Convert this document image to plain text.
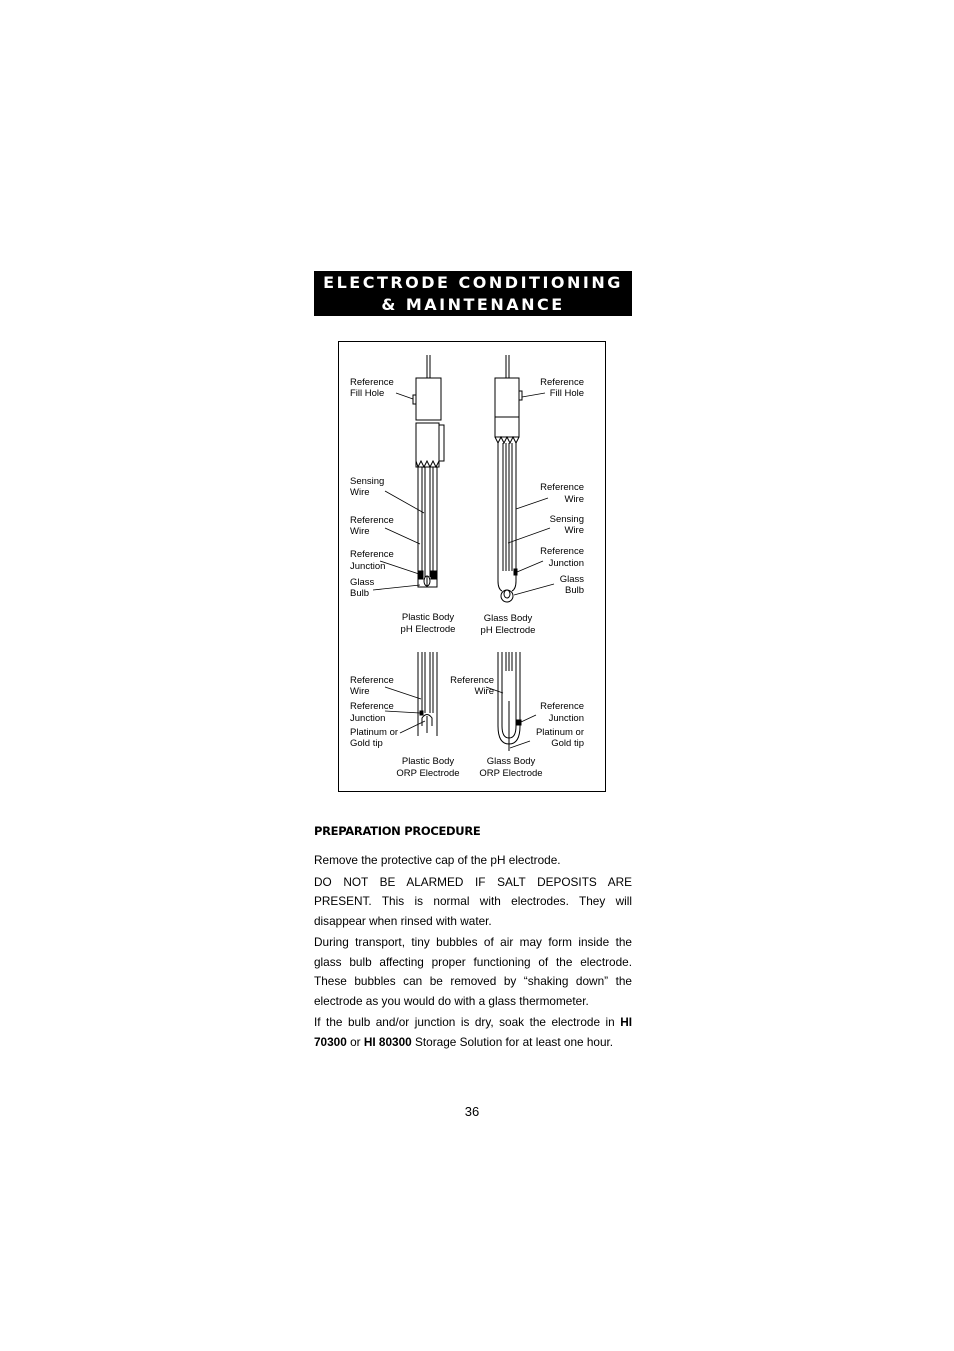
ELECTRODE CONDITIONING
& MAINTENANCE
Reference
Fill Hole
Sensing
Wire
Reference
Wire
Reference
Junction
Glass
Bulb
Plastic Body
pH Electrode
Reference
Fill Hole
Reference
Wire
Sensing
Wire
Reference
Junction
Glass
Bulb
Glass Body
pH Electrode
Reference
Wire
Reference
Junction
Platinum or
Gold tip
Plastic Body
ORP Electrode
Reference
Wire
Reference
Junction
Platinum or
Gold tip
Glass Body
ORP Electrode
PREPARATION PROCEDURE

Remove the protective cap of the pH electrode.

DO NOT BE ALARMED IF SALT DEPOSITS ARE PRESENT. This is normal with electrodes. They will disappear when rinsed with water.

During transport, tiny bubbles of air may form inside the glass bulb affecting proper functioning of the electrode. These bubbles can be removed by “shaking down” the electrode as you would do with a glass thermometer.

If the bulb and/or junction is dry, soak the electrode in HI 70300 or HI 80300 Storage Solution for at least one hour.

36
